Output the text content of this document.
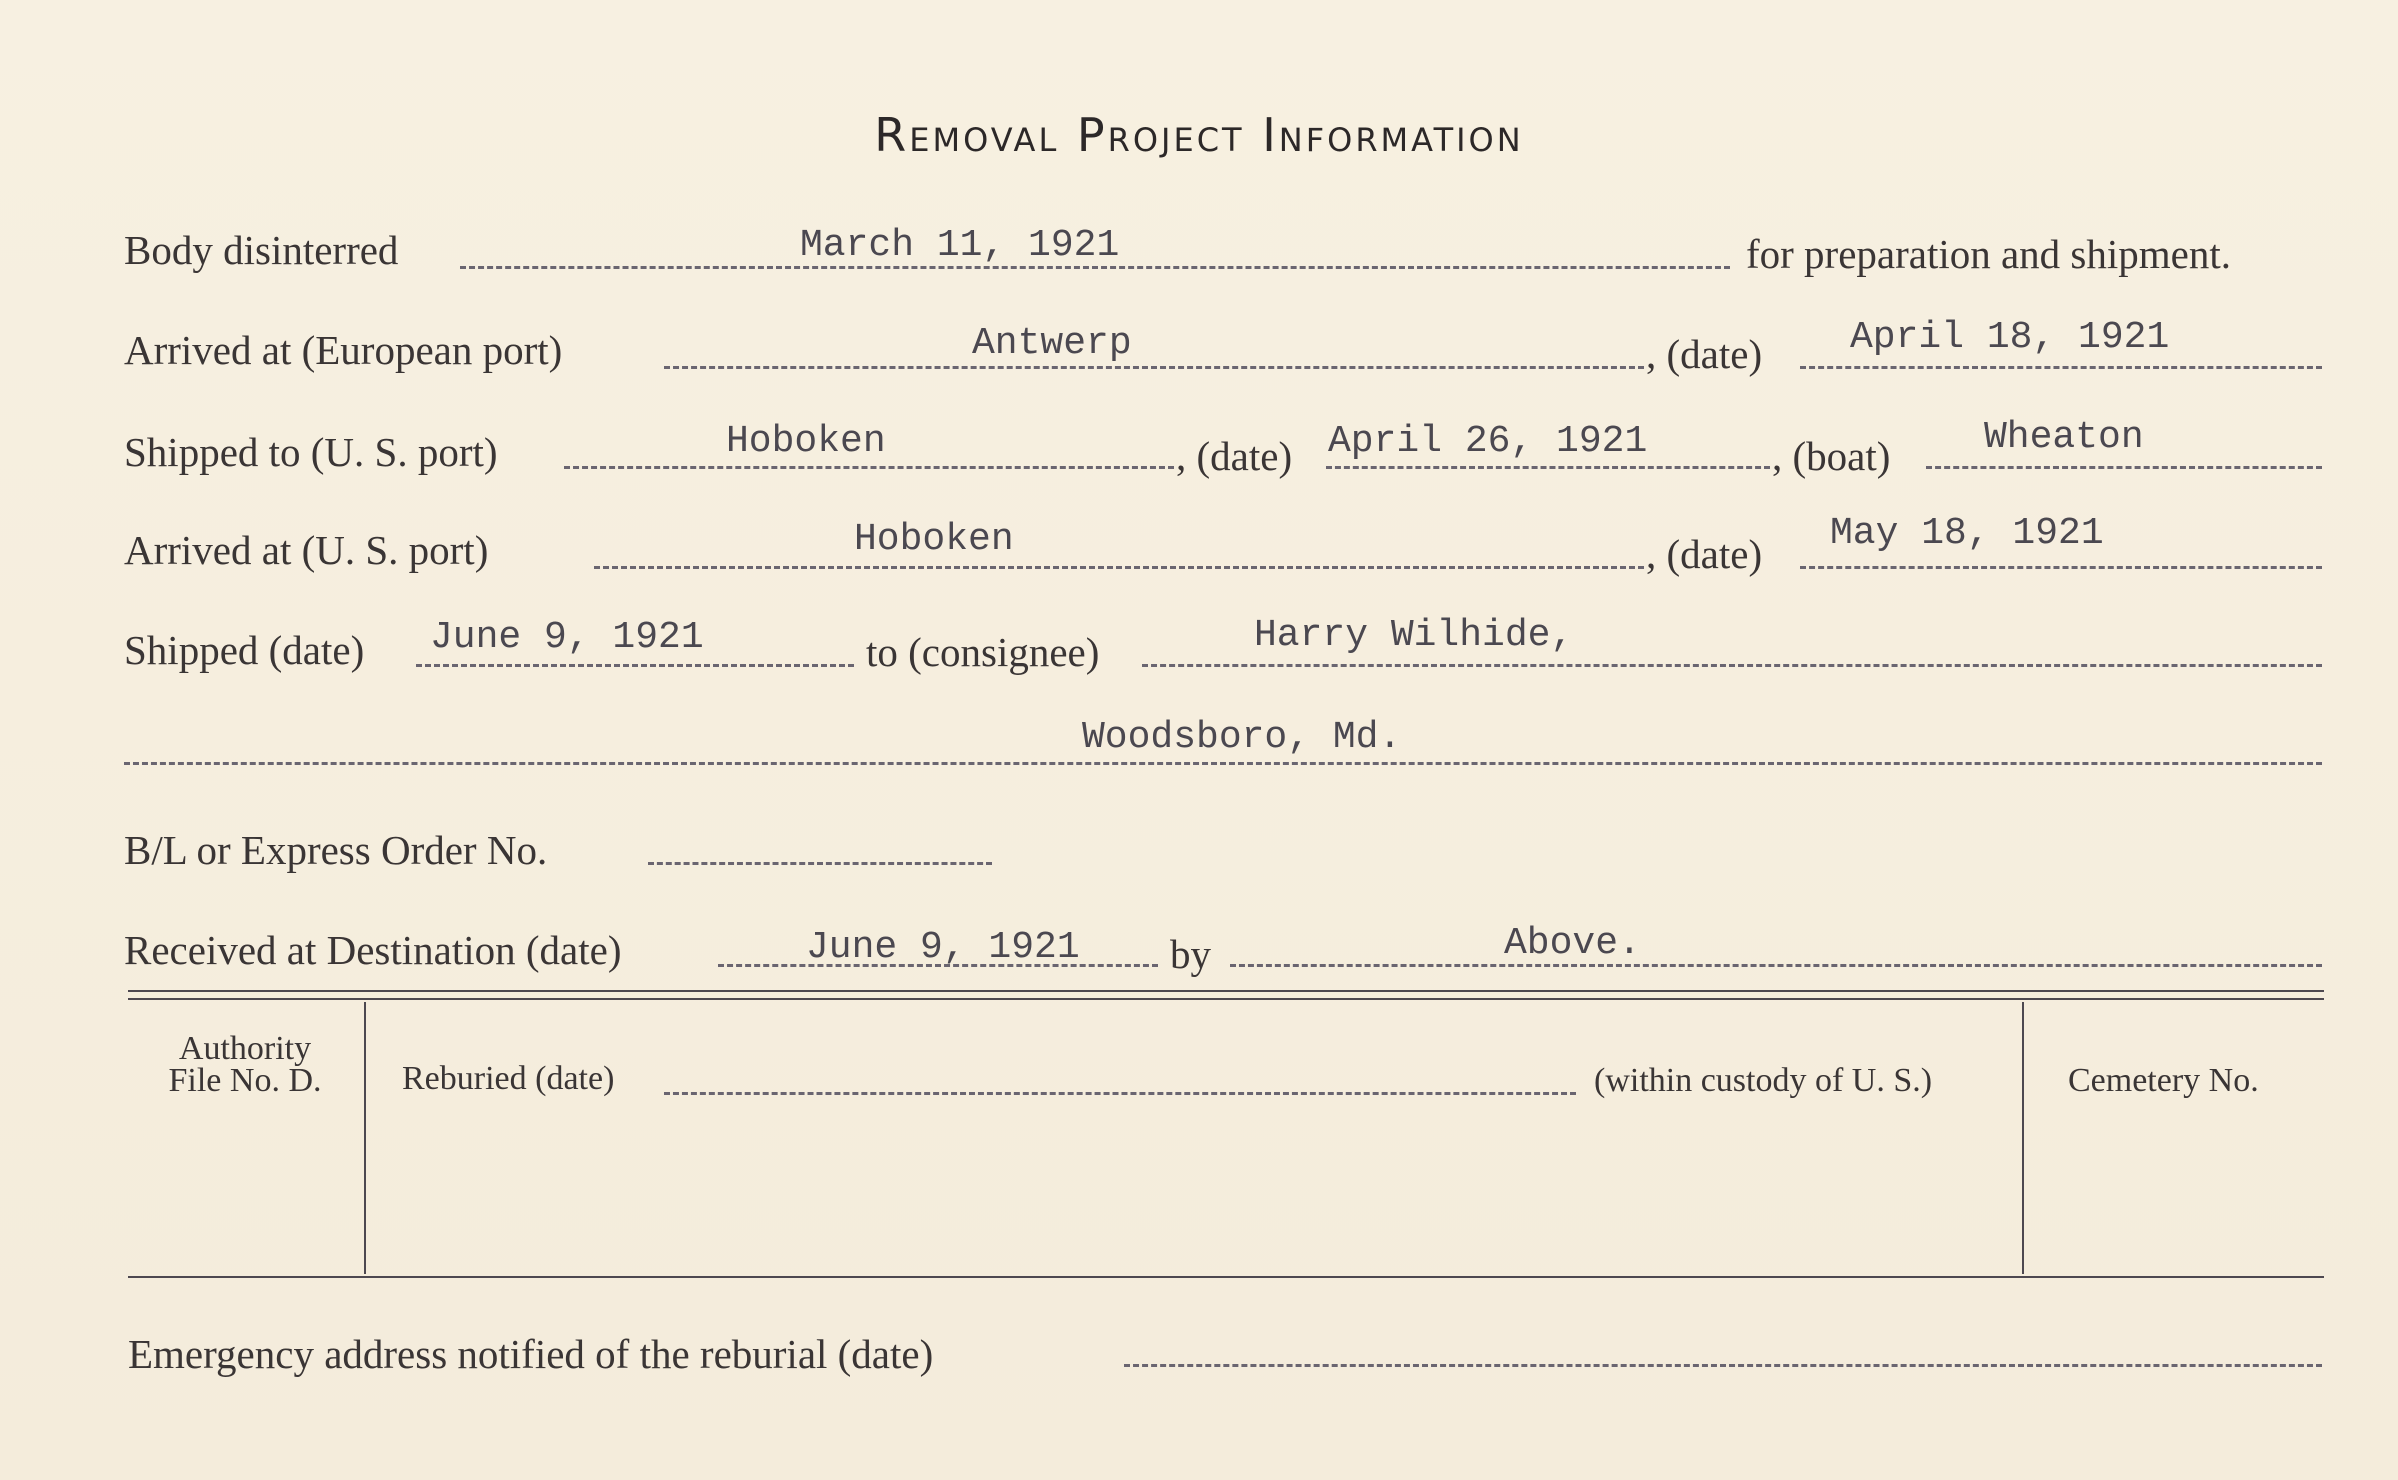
Removal Project Information
Body disinterred	March 11, 1921	for preparation and shipment.
Arrived at (European port)	Antwerp	, (date) April 18, 1921
Shipped to (U. S. port)	Hoboken	, (date) April 26, 1921	, (boat) Wheaton
Arrived at (U. S. port)	Hoboken	, (date) May 18, 1921
Shipped (date) June 9, 1921	to (consignee)	Harry Wilhide,
Woodsboro, Md.
B/L or Express Order No.
Received at Destination (date)	June 9, 1921 by	Above.
Authority
File No. D.	Reburied (date)	(within custody of U. S.)	Cemetery No.
Emergency address notified of the reburial (date)
